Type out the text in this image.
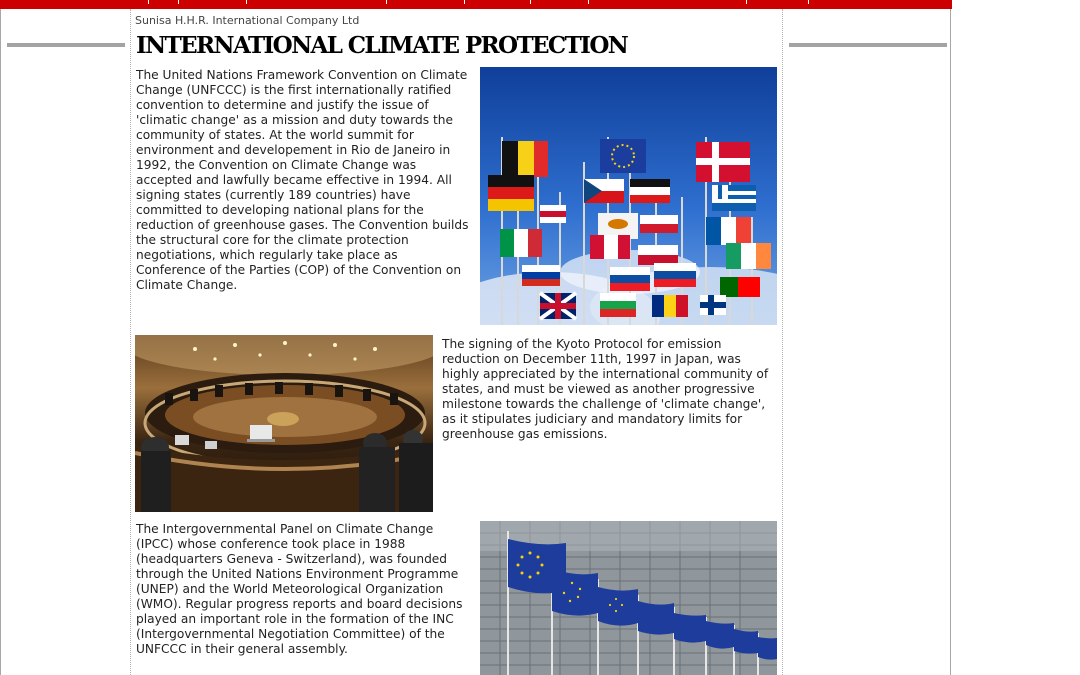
Sunisa H.H.R. International Company Ltd
INTERNATIONAL CLIMATE PROTECTION

The United Nations Framework Convention on Climate Change (UNFCCC) is the first internationally ratified convention to determine and justify the issue of 'climatic change' as a mission and duty towards the community of states. At the world summit for environment and developement in Rio de Janeiro in 1992, the Convention on Climate Change was accepted and lawfully became effective in 1994. All signing states (currently 189 countries) have committed to developing national plans for the reduction of greenhouse gases. The Convention builds the structural core for the climate protection negotiations, which regularly take place as Conference of the Parties (COP) of the Convention on Climate Change.

The signing of the Kyoto Protocol for emission reduction on December 11th, 1997 in Japan, was highly appreciated by the international community of states, and must be viewed as another progressive milestone towards the challenge of 'climate change', as it stipulates judiciary and mandatory limits for greenhouse gas emissions.

The Intergovernmental Panel on Climate Change (IPCC) whose conference took place in 1988 (headquarters Geneva - Switzerland), was founded through the United Nations Environment Programme (UNEP) and the World Meteorological Organization (WMO). Regular progress reports and board decisions played an important role in the formation of the INC (Intergovernmental Negotiation Committee) of the UNFCCC in their general assembly.
